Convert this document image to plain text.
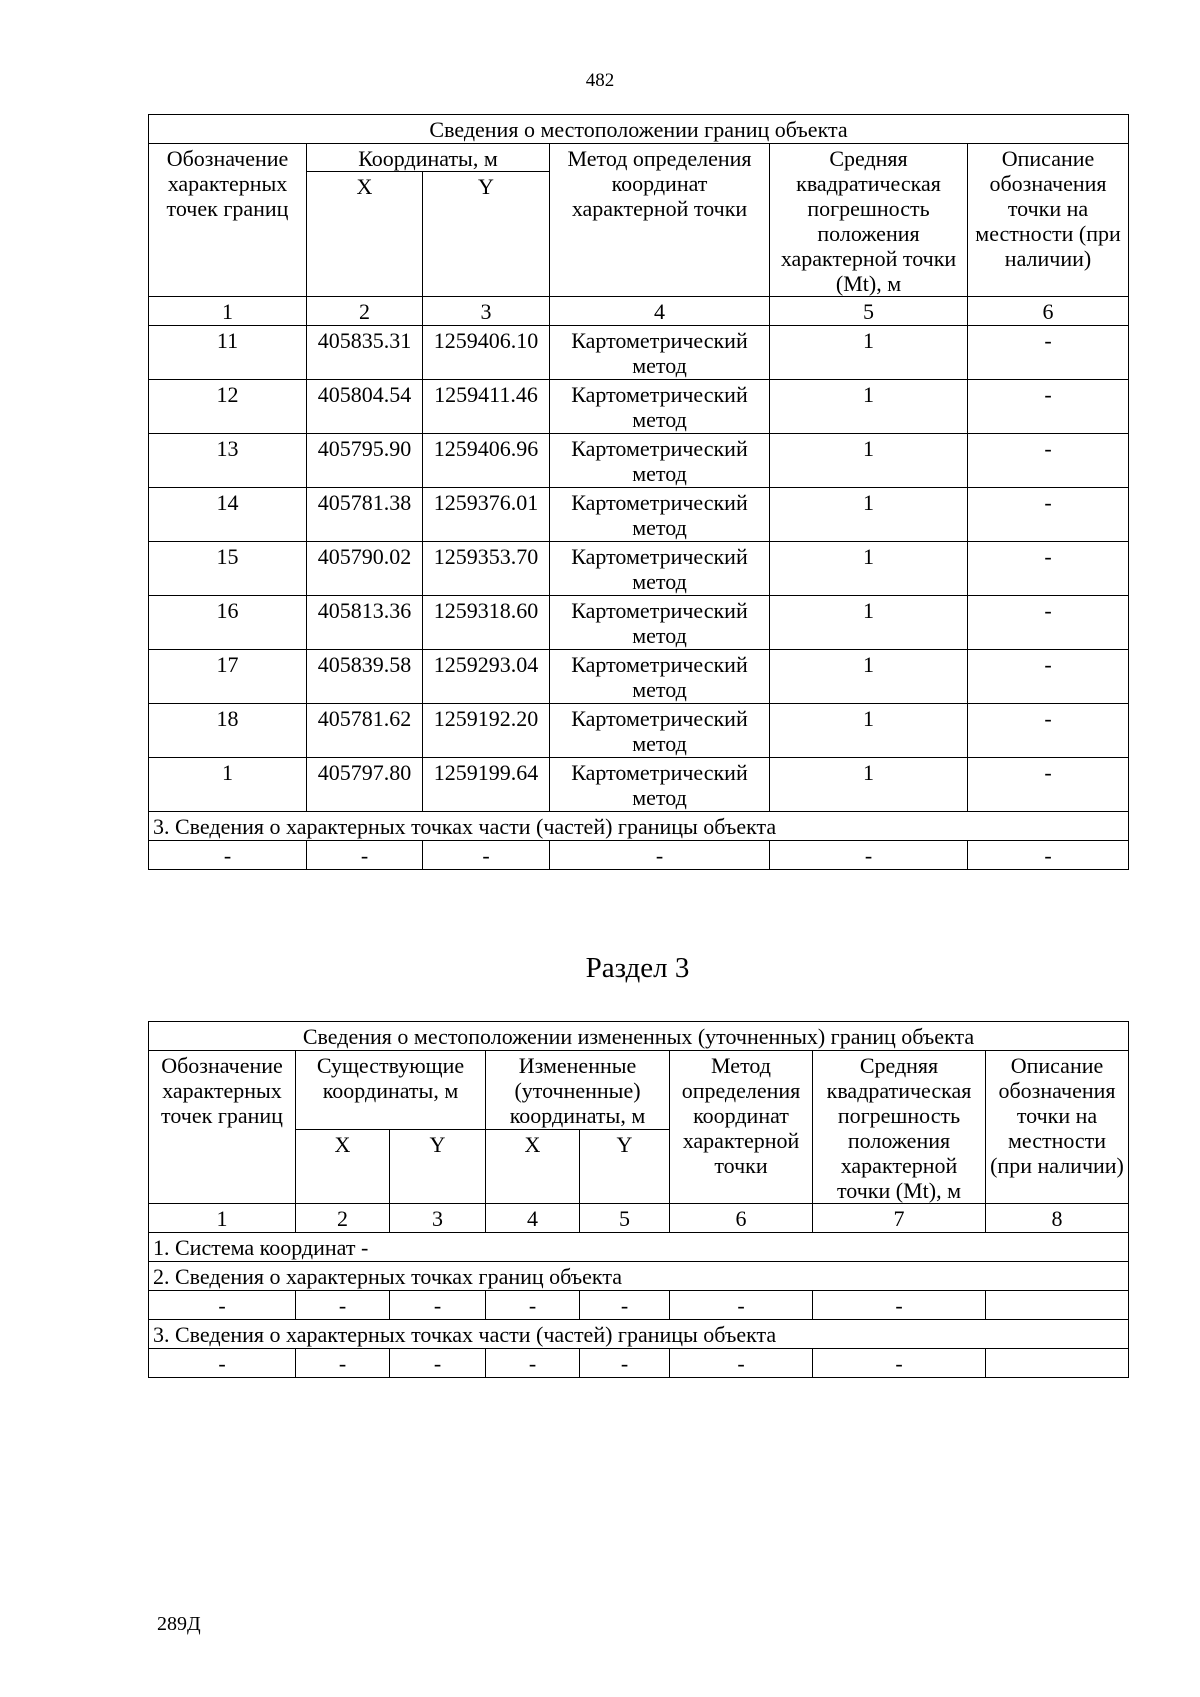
482
Сведения о местоположении границ объекта					
Обозначение характерных точек границ	Координаты, м		Метод определения координат характерной точки	Средняя квадратическая погрешность положения характерной точки (Mt), м	Описание обозначения точки на местности (при наличии)
	X	Y			
1	2	3	4	5	6
11	405835.31	1259406.10	Картометрический метод	1	-
12	405804.54	1259411.46	Картометрический метод	1	-
13	405795.90	1259406.96	Картометрический метод	1	-
14	405781.38	1259376.01	Картометрический метод	1	-
15	405790.02	1259353.70	Картометрический метод	1	-
16	405813.36	1259318.60	Картометрический метод	1	-
17	405839.58	1259293.04	Картометрический метод	1	-
18	405781.62	1259192.20	Картометрический метод	1	-
1	405797.80	1259199.64	Картометрический метод	1	-
3. Сведения о характерных точках части (частей) границы объекта					
-	-	-	-	-	-
Раздел 3
Сведения о местоположении измененных (уточненных) границ объекта							
Обозначение характерных точек границ	Существующие координаты, м		Измененные (уточненные) координаты, м		Метод определения координат характерной точки	Средняя квадратическая погрешность положения характерной точки (Mt), м	Описание обозначения точки на местности (при наличии)
	X	Y	X	Y			
1	2	3	4	5	6	7	8
1. Система координат -							
2. Сведения о характерных точках границ объекта							
-	-	-	-	-	-	-	
3. Сведения о характерных точках части (частей) границы объекта							
-	-	-	-	-	-	-	
289Д
